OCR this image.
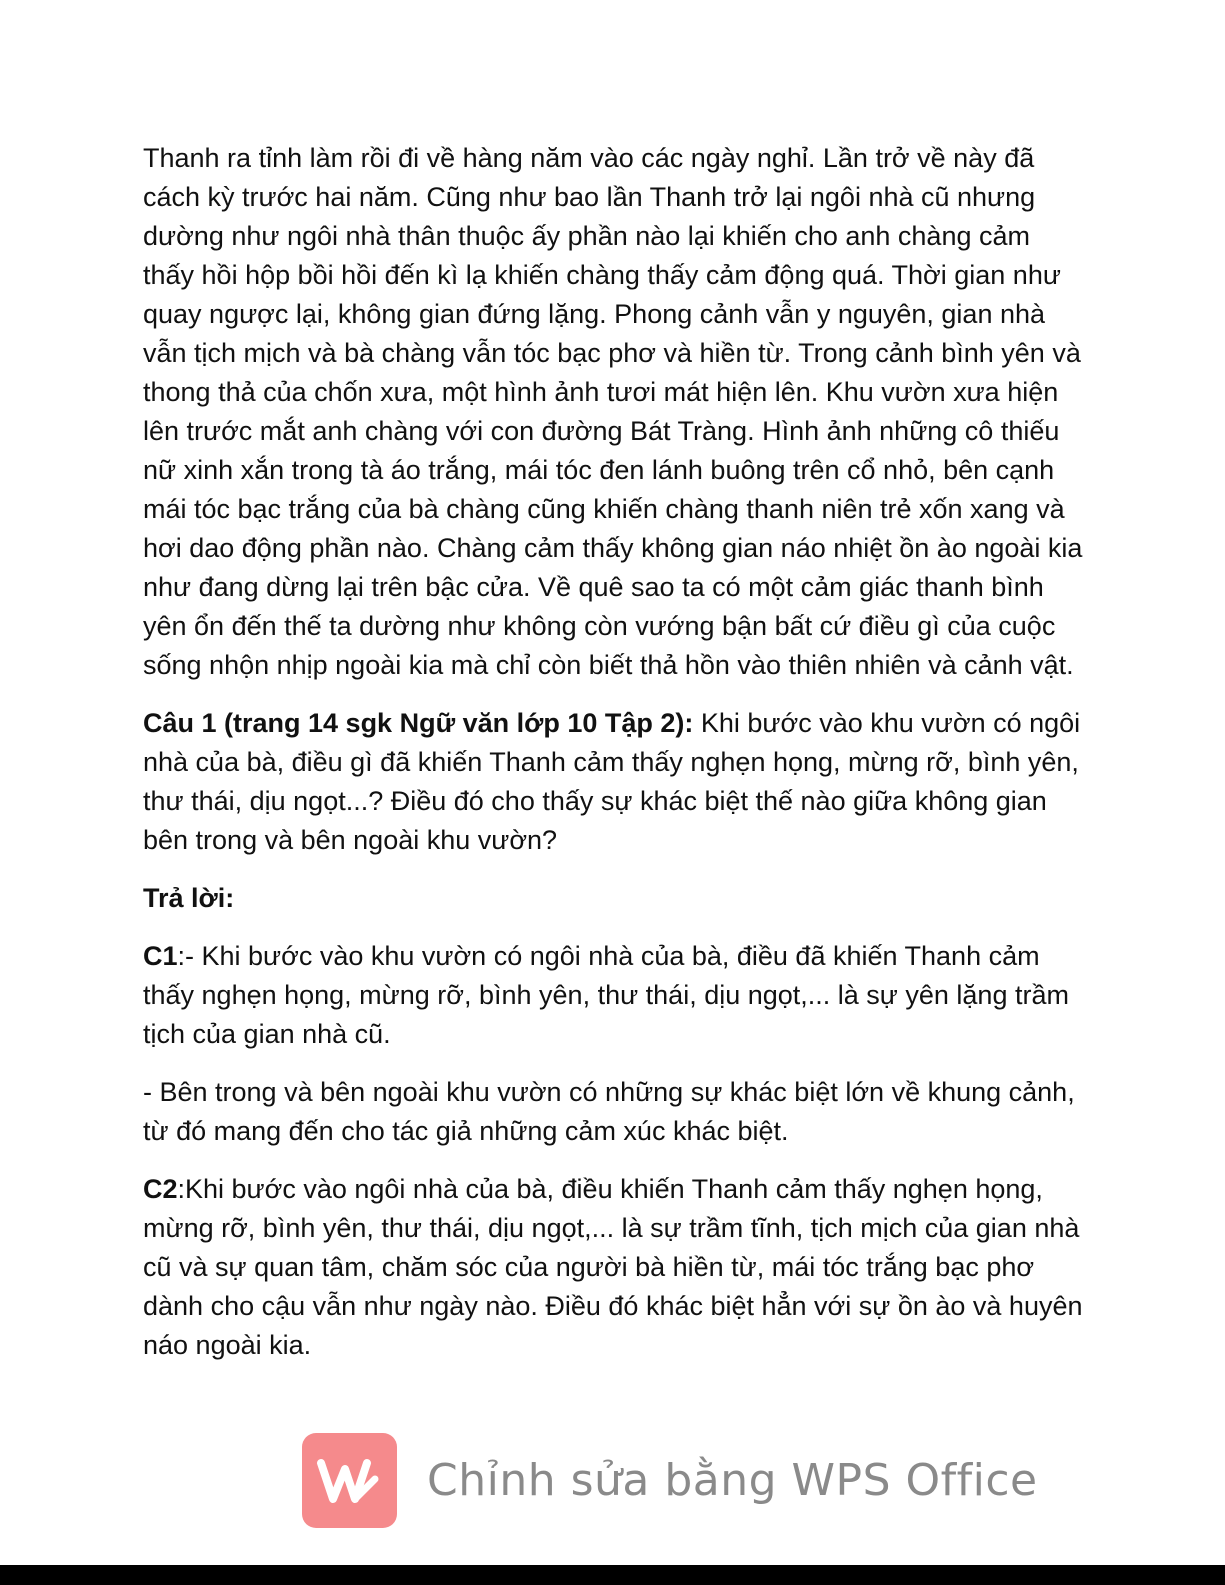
Thanh ra tỉnh làm rồi đi về hàng năm vào các ngày nghỉ. Lần trở về này đã cách kỳ trước hai năm. Cũng như bao lần Thanh trở lại ngôi nhà cũ nhưng dường như ngôi nhà thân thuộc ấy phần nào lại khiến cho anh chàng cảm thấy hồi hộp bồi hồi đến kì lạ khiến chàng thấy cảm động quá. Thời gian như quay ngược lại, không gian đứng lặng. Phong cảnh vẫn y nguyên, gian nhà vẫn tịch mịch và bà chàng vẫn tóc bạc phơ và hiền từ. Trong cảnh bình yên và thong thả của chốn xưa, một hình ảnh tươi mát hiện lên. Khu vườn xưa hiện lên trước mắt anh chàng với con đường Bát Tràng. Hình ảnh những cô thiếu nữ xinh xắn trong tà áo trắng, mái tóc đen lánh buông trên cổ nhỏ, bên cạnh mái tóc bạc trắng của bà chàng cũng khiến chàng thanh niên trẻ xốn xang và hơi dao động phần nào. Chàng cảm thấy không gian náo nhiệt ồn ào ngoài kia như đang dừng lại trên bậc cửa. Về quê sao ta có một cảm giác thanh bình yên ổn đến thế ta dường như không còn vướng bận bất cứ điều gì của cuộc sống nhộn nhịp ngoài kia mà chỉ còn biết thả hồn vào thiên nhiên và cảnh vật.

Câu 1 (trang 14 sgk Ngữ văn lớp 10 Tập 2): Khi bước vào khu vườn có ngôi nhà của bà, điều gì đã khiến Thanh cảm thấy nghẹn họng, mừng rỡ, bình yên, thư thái, dịu ngọt...? Điều đó cho thấy sự khác biệt thế nào giữa không gian bên trong và bên ngoài khu vườn?

Trả lời:

C1:- Khi bước vào khu vườn có ngôi nhà của bà, điều đã khiến Thanh cảm thấy nghẹn họng, mừng rỡ, bình yên, thư thái, dịu ngọt,... là sự yên lặng trầm tịch của gian nhà cũ.

- Bên trong và bên ngoài khu vườn có những sự khác biệt lớn về khung cảnh, từ đó mang đến cho tác giả những cảm xúc khác biệt.

C2:Khi bước vào ngôi nhà của bà, điều khiến Thanh cảm thấy nghẹn họng, mừng rỡ, bình yên, thư thái, dịu ngọt,... là sự trầm tĩnh, tịch mịch của gian nhà cũ và sự quan tâm, chăm sóc của người bà hiền từ, mái tóc trắng bạc phơ dành cho cậu vẫn như ngày nào. Điều đó khác biệt hẳn với sự ồn ào và huyên náo ngoài kia.

Chỉnh sửa bằng WPS Office
